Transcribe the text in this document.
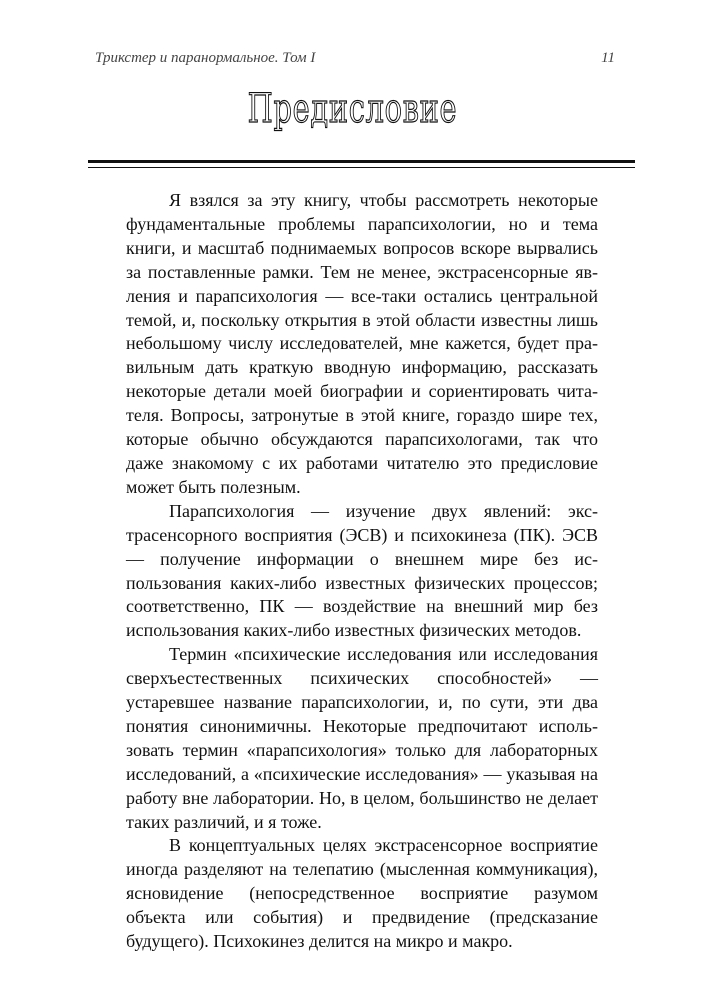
Трикстер и паранормальное. Том I	11
Предисловие

Я взялся за эту книгу, чтобы рассмотреть некоторые фундаментальные проблемы парапсихологии, но и тема книги, и масштаб поднимаемых вопросов вскоре вырвались за поставленные рамки. Тем не менее, экстрасенсорные явления и парапсихология — все-таки остались центральной темой, и, поскольку открытия в этой области известны лишь небольшому числу исследователей, мне кажется, будет правильным дать краткую вводную информацию, рассказать некоторые детали моей биографии и сориентировать читателя. Вопросы, затронутые в этой книге, гораздо шире тех, которые обычно обсуждаются парапсихологами, так что даже знакомому с их работами читателю это предисловие может быть полезным.

Парапсихология — изучение двух явлений: экстрасенсорного восприятия (ЭСВ) и психокинеза (ПК). ЭСВ — получение информации о внешнем мире без использования каких-либо известных физических процессов; соответственно, ПК — воздействие на внешний мир без использования каких-либо известных физических методов.

Термин «психические исследования или исследования сверхъестественных психических способностей» — устаревшее название парапсихологии, и, по сути, эти два понятия синонимичны. Некоторые предпочитают использовать термин «парапсихология» только для лабораторных исследований, а «психические исследования» — указывая на работу вне лаборатории. Но, в целом, большинство не делает таких различий, и я тоже.

В концептуальных целях экстрасенсорное восприятие иногда разделяют на телепатию (мысленная коммуникация), ясновидение (непосредственное восприятие разумом объекта или события) и предвидение (предсказание будущего). Психокинез делится на микро и макро.
